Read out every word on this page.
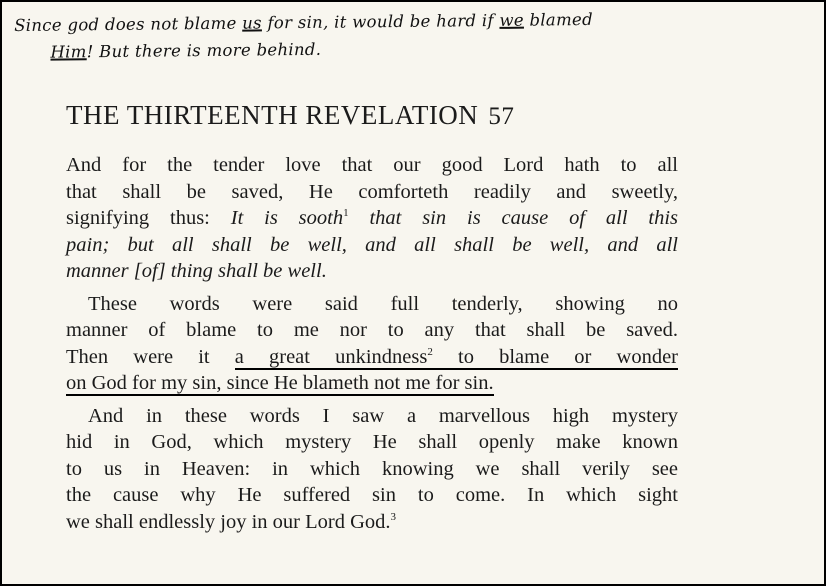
Since god does not blame us for sin, it would be hard if we blamed
Him! But there is more behind.
THE THIRTEENTH REVELATION 57
And for the tender love that our good Lord hath to all
that shall be saved, He comforteth readily and sweetly,
signifying thus: It is sooth$^1$ that sin is cause of all this
pain; but all shall be well, and all shall be well, and all
manner [of] thing shall be well.
These words were said full tenderly, showing no
manner of blame to me nor to any that shall be saved.
Then were it a great unkindness$^2$ to blame or wonder
on God for my sin, since He blameth not me for sin.
And in these words I saw a marvellous high mystery
hid in God, which mystery He shall openly make known
to us in Heaven: in which knowing we shall verily see
the cause why He suffered sin to come. In which sight
we shall endlessly joy in our Lord God.$^3$
